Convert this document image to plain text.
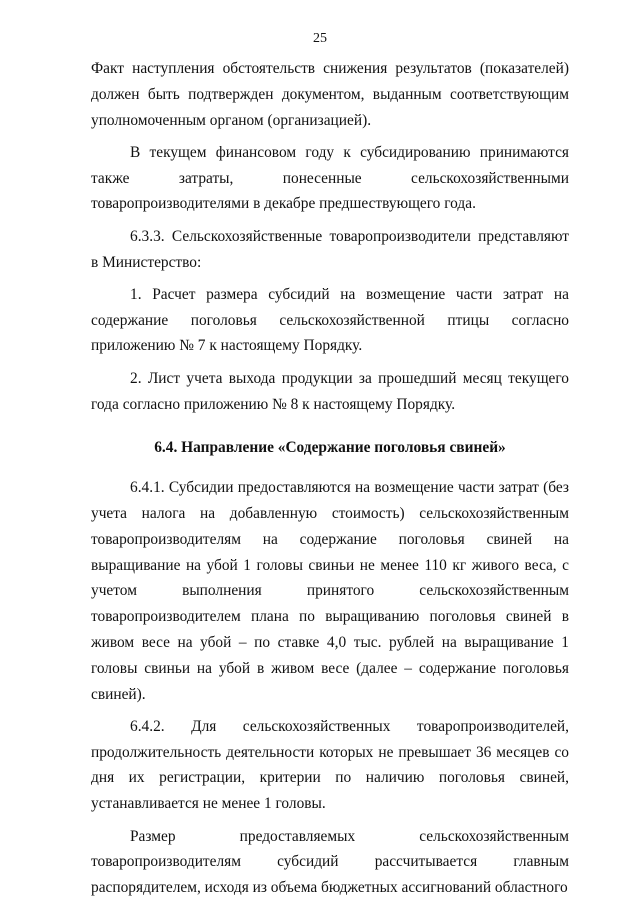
25

Факт наступления обстоятельств снижения результатов (показателей) должен быть подтвержден документом, выданным соответствующим уполномоченным органом (организацией).

В текущем финансовом году к субсидированию принимаются также затраты, понесенные сельскохозяйственными товаропроизводителями в декабре предшествующего года.

6.3.3. Сельскохозяйственные товаропроизводители представляют в Министерство:

1. Расчет размера субсидий на возмещение части затрат на содержание поголовья сельскохозяйственной птицы согласно приложению № 7 к настоящему Порядку.

2. Лист учета выхода продукции за прошедший месяц текущего года согласно приложению № 8 к настоящему Порядку.

6.4. Направление «Содержание поголовья свиней»

6.4.1. Субсидии предоставляются на возмещение части затрат (без учета налога на добавленную стоимость) сельскохозяйственным товаропроизводителям на содержание поголовья свиней на выращивание на убой 1 головы свиньи не менее 110 кг живого веса, с учетом выполнения принятого сельскохозяйственным товаропроизводителем плана по выращиванию поголовья свиней в живом весе на убой – по ставке 4,0 тыс. рублей на выращивание 1 головы свиньи на убой в живом весе (далее – содержание поголовья свиней).

6.4.2. Для сельскохозяйственных товаропроизводителей, продолжительность деятельности которых не превышает 36 месяцев со дня их регистрации, критерии по наличию поголовья свиней, устанавливается не менее 1 головы.

Размер предоставляемых сельскохозяйственным товаропроизводителям субсидий рассчитывается главным распорядителем, исходя из объема бюджетных ассигнований областного
